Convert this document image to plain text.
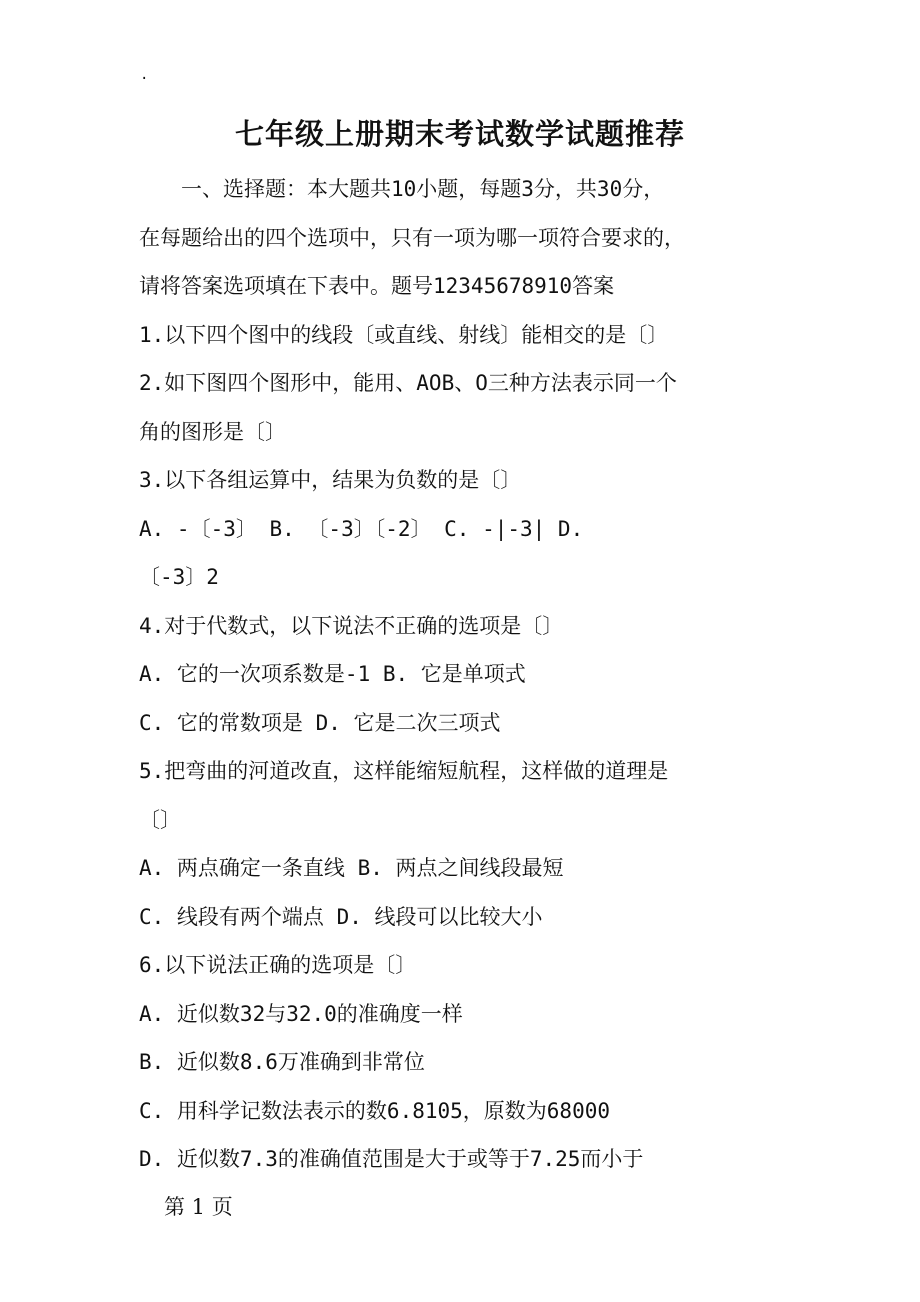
.
七年级上册期末考试数学试题推荐
一、选择题：本大题共10小题，每题3分，共30分，
在每题给出的四个选项中，只有一项为哪一项符合要求的，
请将答案选项填在下表中。题号12345678910答案
1.以下四个图中的线段〔或直线、射线〕能相交的是〔〕
2.如下图四个图形中，能用、AOB、O三种方法表示同一个
角的图形是〔〕
3.以下各组运算中，结果为负数的是〔〕
A. -〔-3〕 B. 〔-3〕〔-2〕 C. -|-3| D.
〔-3〕2
4.对于代数式，以下说法不正确的选项是〔〕
A. 它的一次项系数是-1 B. 它是单项式
C. 它的常数项是 D. 它是二次三项式
5.把弯曲的河道改直，这样能缩短航程，这样做的道理是
〔〕
A. 两点确定一条直线 B. 两点之间线段最短
C. 线段有两个端点 D. 线段可以比较大小
6.以下说法正确的选项是〔〕
A. 近似数32与32.0的准确度一样
B. 近似数8.6万准确到非常位
C. 用科学记数法表示的数6.8105，原数为68000
D. 近似数7.3的准确值范围是大于或等于7.25而小于
第 1 页
